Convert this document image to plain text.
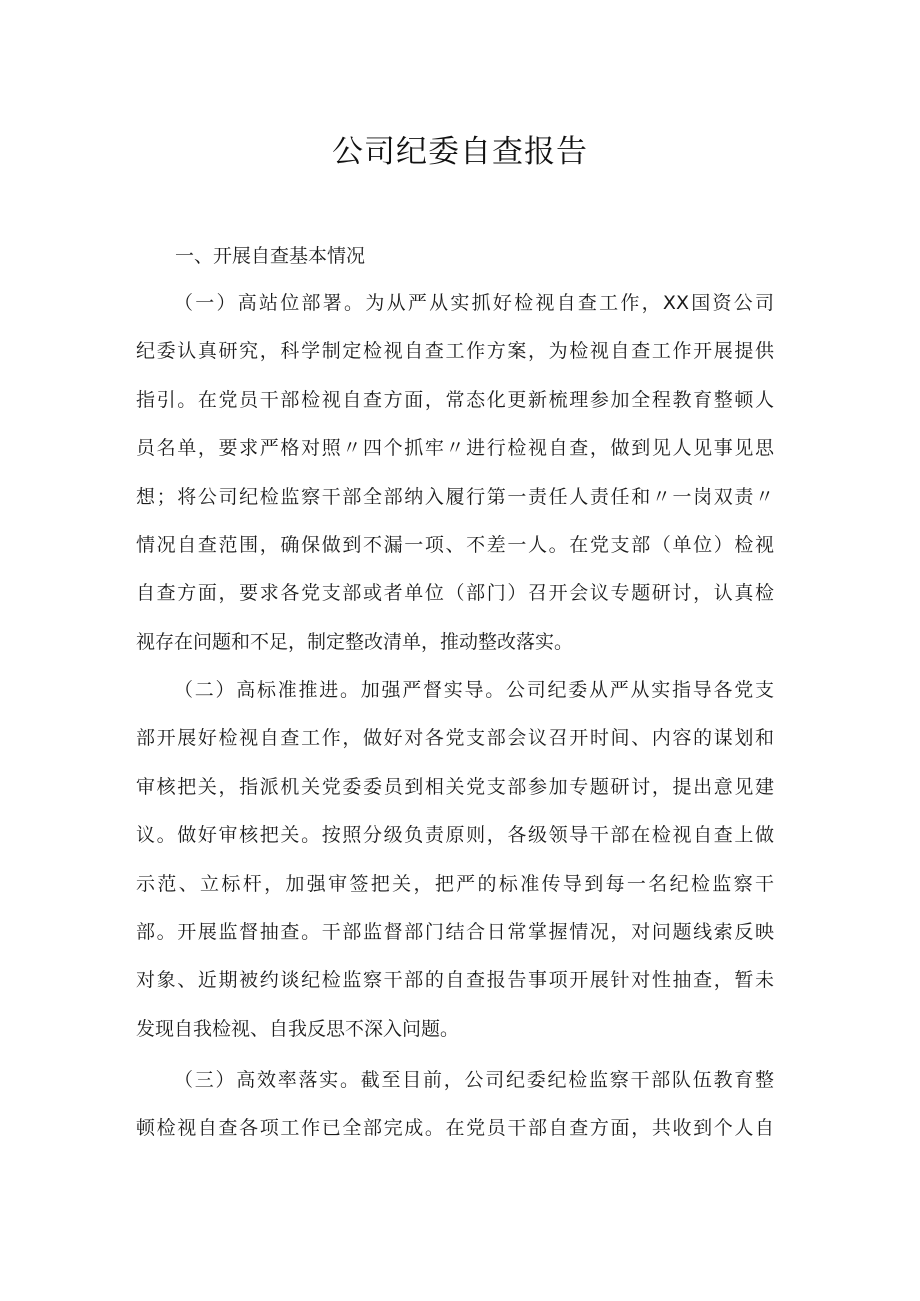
公司纪委自查报告
一、开展自查基本情况
（一）高站位部署。为从严从实抓好检视自查工作，XX国资公司
纪委认真研究，科学制定检视自查工作方案，为检视自查工作开展提供
指引。在党员干部检视自查方面，常态化更新梳理参加全程教育整顿人
员名单，要求严格对照〃四个抓牢〃进行检视自查，做到见人见事见思
想；将公司纪检监察干部全部纳入履行第一责任人责任和〃一岗双责〃
情况自查范围，确保做到不漏一项、不差一人。在党支部（单位）检视
自查方面，要求各党支部或者单位（部门）召开会议专题研讨，认真检
视存在问题和不足，制定整改清单，推动整改落实。
（二）高标准推进。加强严督实导。公司纪委从严从实指导各党支
部开展好检视自查工作，做好对各党支部会议召开时间、内容的谋划和
审核把关，指派机关党委委员到相关党支部参加专题研讨，提出意见建
议。做好审核把关。按照分级负责原则，各级领导干部在检视自查上做
示范、立标杆，加强审签把关，把严的标准传导到每一名纪检监察干
部。开展监督抽查。干部监督部门结合日常掌握情况，对问题线索反映
对象、近期被约谈纪检监察干部的自查报告事项开展针对性抽查，暂未
发现自我检视、自我反思不深入问题。
（三）高效率落实。截至目前，公司纪委纪检监察干部队伍教育整
顿检视自查各项工作已全部完成。在党员干部自查方面，共收到个人自
